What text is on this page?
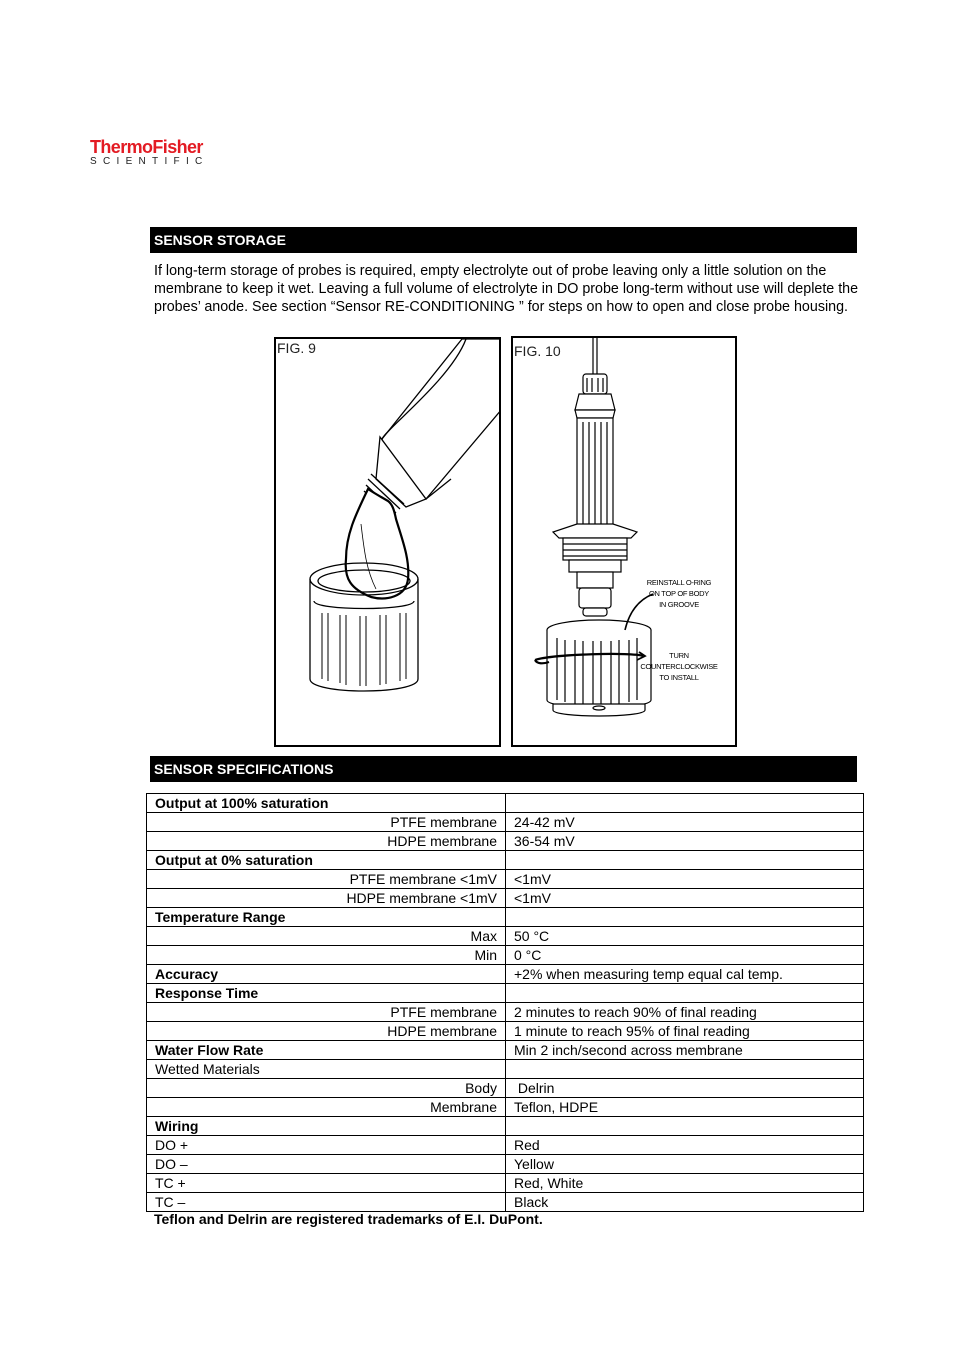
ThermoFisher
SCIENTIFIC
SENSOR STORAGE
If long-term storage of probes is required, empty electrolyte out of probe leaving only a little solution on the membrane to keep it wet. Leaving a full volume of electrolyte in DO probe long-term without use will deplete the probes’ anode. See section “Sensor RE-CONDITIONING ” for steps on how to open and close probe housing.
FIG. 9	FIG. 10
REINSTALL O-RING
ON TOP OF BODY
IN GROOVE
TURN COUNTERCLOCKWISE
TO INSTALL
SENSOR SPECIFICATIONS
Output at 100% saturation	
PTFE membrane	24-42 mV
HDPE membrane	36-54 mV
Output at 0% saturation	
PTFE membrane <1mV	<1mV
HDPE membrane <1mV	<1mV
Temperature Range	
Max	50 °C
Min	0 °C
Accuracy	+2% when measuring temp equal cal temp.
Response Time	
PTFE membrane	2 minutes to reach 90% of final reading
HDPE membrane	1 minute to reach 95% of final reading
Water Flow Rate	Min 2 inch/second across membrane
Wetted Materials	
Body	Delrin
Membrane	Teflon, HDPE
Wiring	
DO +	Red
DO –	Yellow
TC +	Red, White
TC –	Black
Teflon and Delrin are registered trademarks of E.I. DuPont.
